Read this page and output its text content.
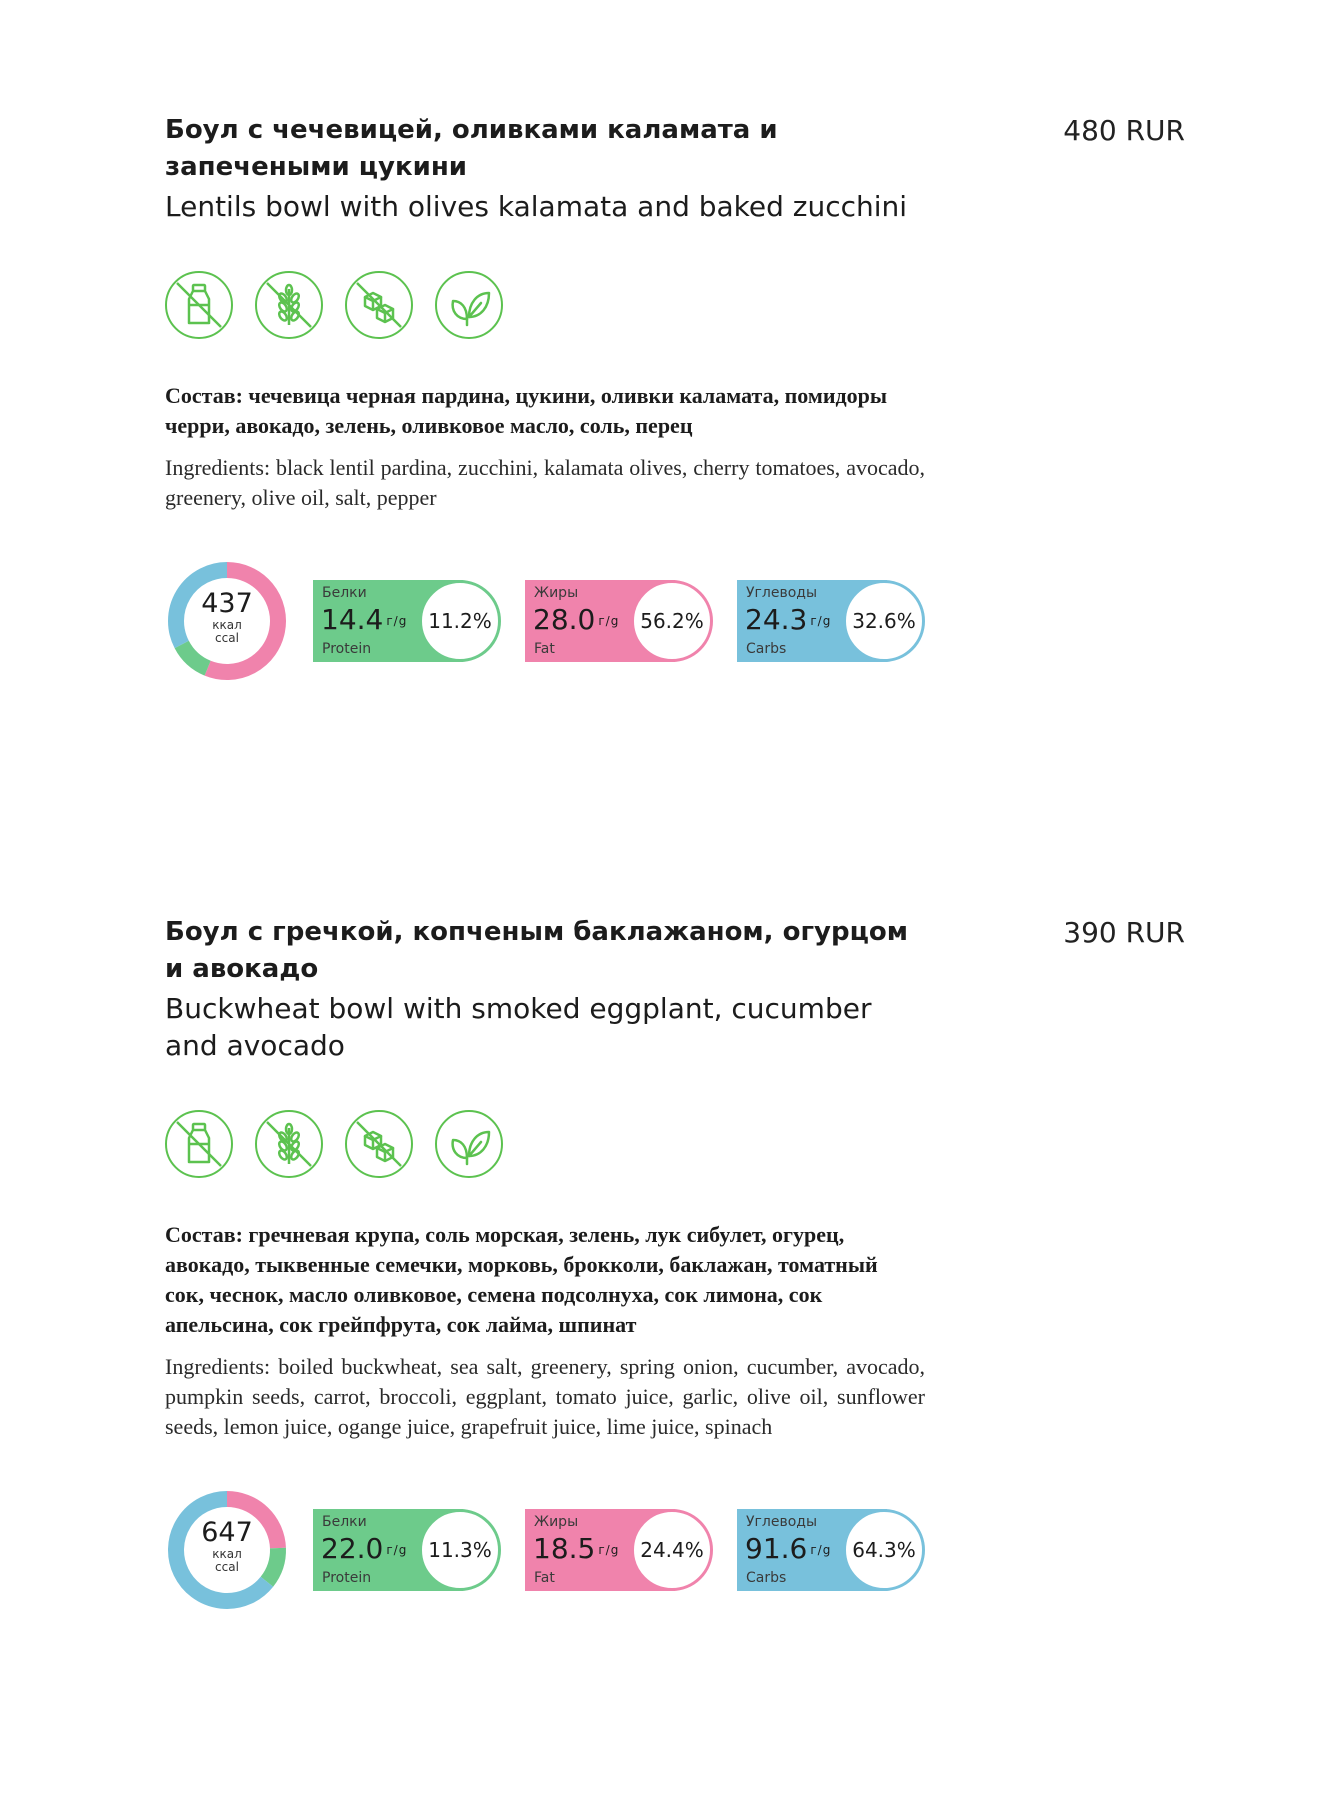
Боул с чечевицей, оливками каламата и запечеными цукини

Lentils bowl with olives kalamata and baked zucchini

480 RUR

Состав: чечевица черная пардина, цукини, оливки каламата, помидоры черри, авокадо, зелень, оливковое масло, соль, перец

Ingredients: black lentil pardina, zucchini, kalamata olives, cherry tomatoes, avocado, greenery, olive oil, salt, pepper

437
ккал
ccal
Белки
14.4 г/g
Protein
11.2%
Жиры
28.0 г/g
Fat
56.2%
Углеводы
24.3 г/g
Carbs
32.6%
Боул с гречкой, копченым баклажаном, огурцом и авокадо

Buckwheat bowl with smoked eggplant, cucumber and avocado

390 RUR

Состав: гречневая крупа, соль морская, зелень, лук сибулет, огурец, авокадо, тыквенные семечки, морковь, брокколи, баклажан, томатный сок, чеснок, масло оливковое, семена подсолнуха, сок лимона, сок апельсина, сок грейпфрута, сок лайма, шпинат

Ingredients: boiled buckwheat, sea salt, greenery, spring onion, cucumber, avocado, pumpkin seeds, carrot, broccoli, eggplant, tomato juice, garlic, olive oil, sunflower seeds, lemon juice, ogange juice, grapefruit juice, lime juice, spinach

647
ккал
ccal
Белки
22.0 г/g
Protein
11.3%
Жиры
18.5 г/g
Fat
24.4%
Углеводы
91.6 г/g
Carbs
64.3%
